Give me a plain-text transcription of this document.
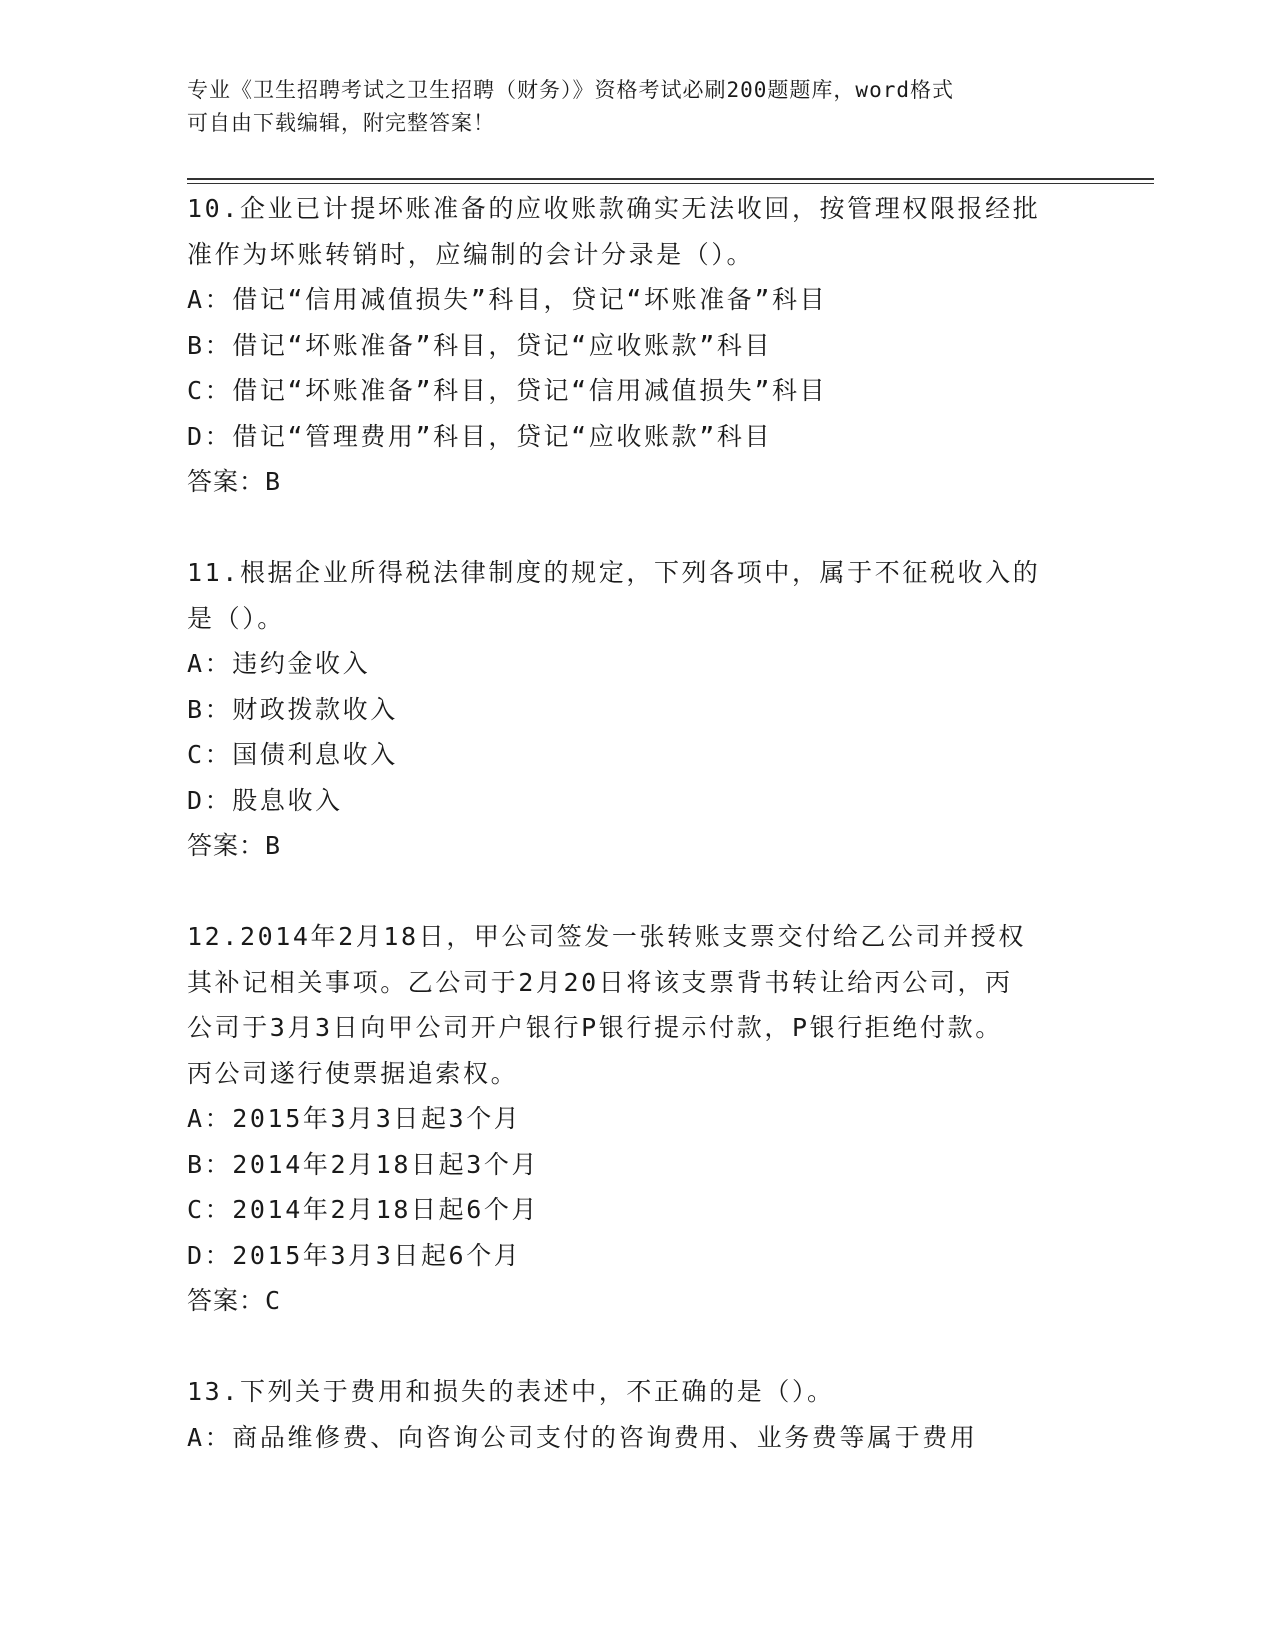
专业《卫生招聘考试之卫生招聘（财务）》资格考试必刷200题题库，word格式
可自由下载编辑，附完整答案！
10.企业已计提坏账准备的应收账款确实无法收回，按管理权限报经批
准作为坏账转销时，应编制的会计分录是（）。
A：借记“信用减值损失”科目，贷记“坏账准备”科目
B：借记“坏账准备”科目，贷记“应收账款”科目
C：借记“坏账准备”科目，贷记“信用减值损失”科目
D：借记“管理费用”科目，贷记“应收账款”科目
答案：B
11.根据企业所得税法律制度的规定，下列各项中，属于不征税收入的
是（）。
A：违约金收入
B：财政拨款收入
C：国债利息收入
D：股息收入
答案：B
12.2014年2月18日，甲公司签发一张转账支票交付给乙公司并授权
其补记相关事项。乙公司于2月20日将该支票背书转让给丙公司，丙
公司于3月3日向甲公司开户银行P银行提示付款，P银行拒绝付款。
丙公司遂行使票据追索权。
A：2015年3月3日起3个月
B：2014年2月18日起3个月
C：2014年2月18日起6个月
D：2015年3月3日起6个月
答案：C
13.下列关于费用和损失的表述中，不正确的是（）。
A：商品维修费、向咨询公司支付的咨询费用、业务费等属于费用
